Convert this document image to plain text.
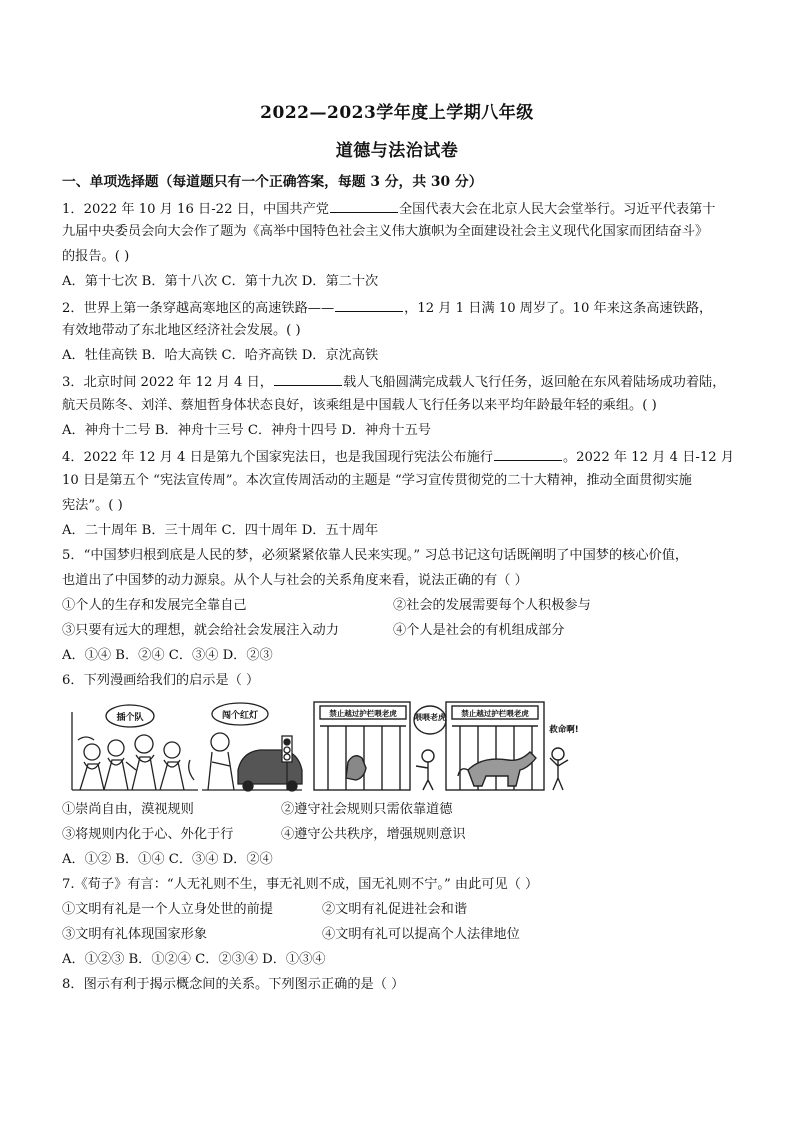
2022—2023学年度上学期八年级
道德与法治试卷
一、单项选择题（每道题只有一个正确答案，每题 3 分，共 30 分）
1．2022 年 10 月 16 日-22 日，中国共产党	全国代表大会在北京人民大会堂举行。习近平代表第十
九届中央委员会向大会作了题为《高举中国特色社会主义伟大旗帜为全面建设社会主义现代化国家而团结奋斗》
的报告。( )
A．第十七次 B．第十八次 C．第十九次 D．第二十次
2．世界上第一条穿越高寒地区的高速铁路——	，12 月 1 日满 10 周岁了。10 年来这条高速铁路，
有效地带动了东北地区经济社会发展。( )
A．牡佳高铁 B．哈大高铁 C．哈齐高铁 D．京沈高铁
3．北京时间 2022 年 12 月 4 日，	载人飞船圆满完成载人飞行任务，返回舱在东风着陆场成功着陆，
航天员陈冬、刘洋、蔡旭哲身体状态良好，该乘组是中国载人飞行任务以来平均年龄最年轻的乘组。( )
A．神舟十二号 B．神舟十三号 C．神舟十四号 D．神舟十五号
4．2022 年 12 月 4 日是第九个国家宪法日，也是我国现行宪法公布施行	。2022 年 12 月 4 日-12 月
10 日是第五个 “宪法宣传周”。本次宣传周活动的主题是 “学习宣传贯彻党的二十大精神，推动全面贯彻实施
宪法”。( )
A．二十周年 B．三十周年 C．四十周年 D．五十周年
5．“中国梦归根到底是人民的梦，必须紧紧依靠人民来实现。” 习总书记这句话既阐明了中国梦的核心价值，
也道出了中国梦的动力源泉。从个人与社会的关系角度来看，说法正确的有（ ）
①个人的生存和发展完全靠自己	②社会的发展需要每个人积极参与
③只要有远大的理想，就会给社会发展注入动力	④个人是社会的有机组成部分
A．①④ B．②④ C．③④ D．②③
6．下列漫画给我们的启示是（ ）
插个队	闯个红灯	禁止越过护栏喂老虎 喂喂老虎 禁止越过护栏喂老虎
救命啊!
①崇尚自由，漠视规则	②遵守社会规则只需依靠道德
③将规则内化于心、外化于行	④遵守公共秩序，增强规则意识
A．①② B．①④ C．③④ D．②④
7.《荀子》有言：“人无礼则不生，事无礼则不成，国无礼则不宁。” 由此可见（ ）
①文明有礼是一个人立身处世的前提	②文明有礼促进社会和谐
③文明有礼体现国家形象	④文明有礼可以提高个人法律地位
A．①②③ B．①②④ C．②③④ D．①③④
8．图示有利于揭示概念间的关系。下列图示正确的是（ ）
